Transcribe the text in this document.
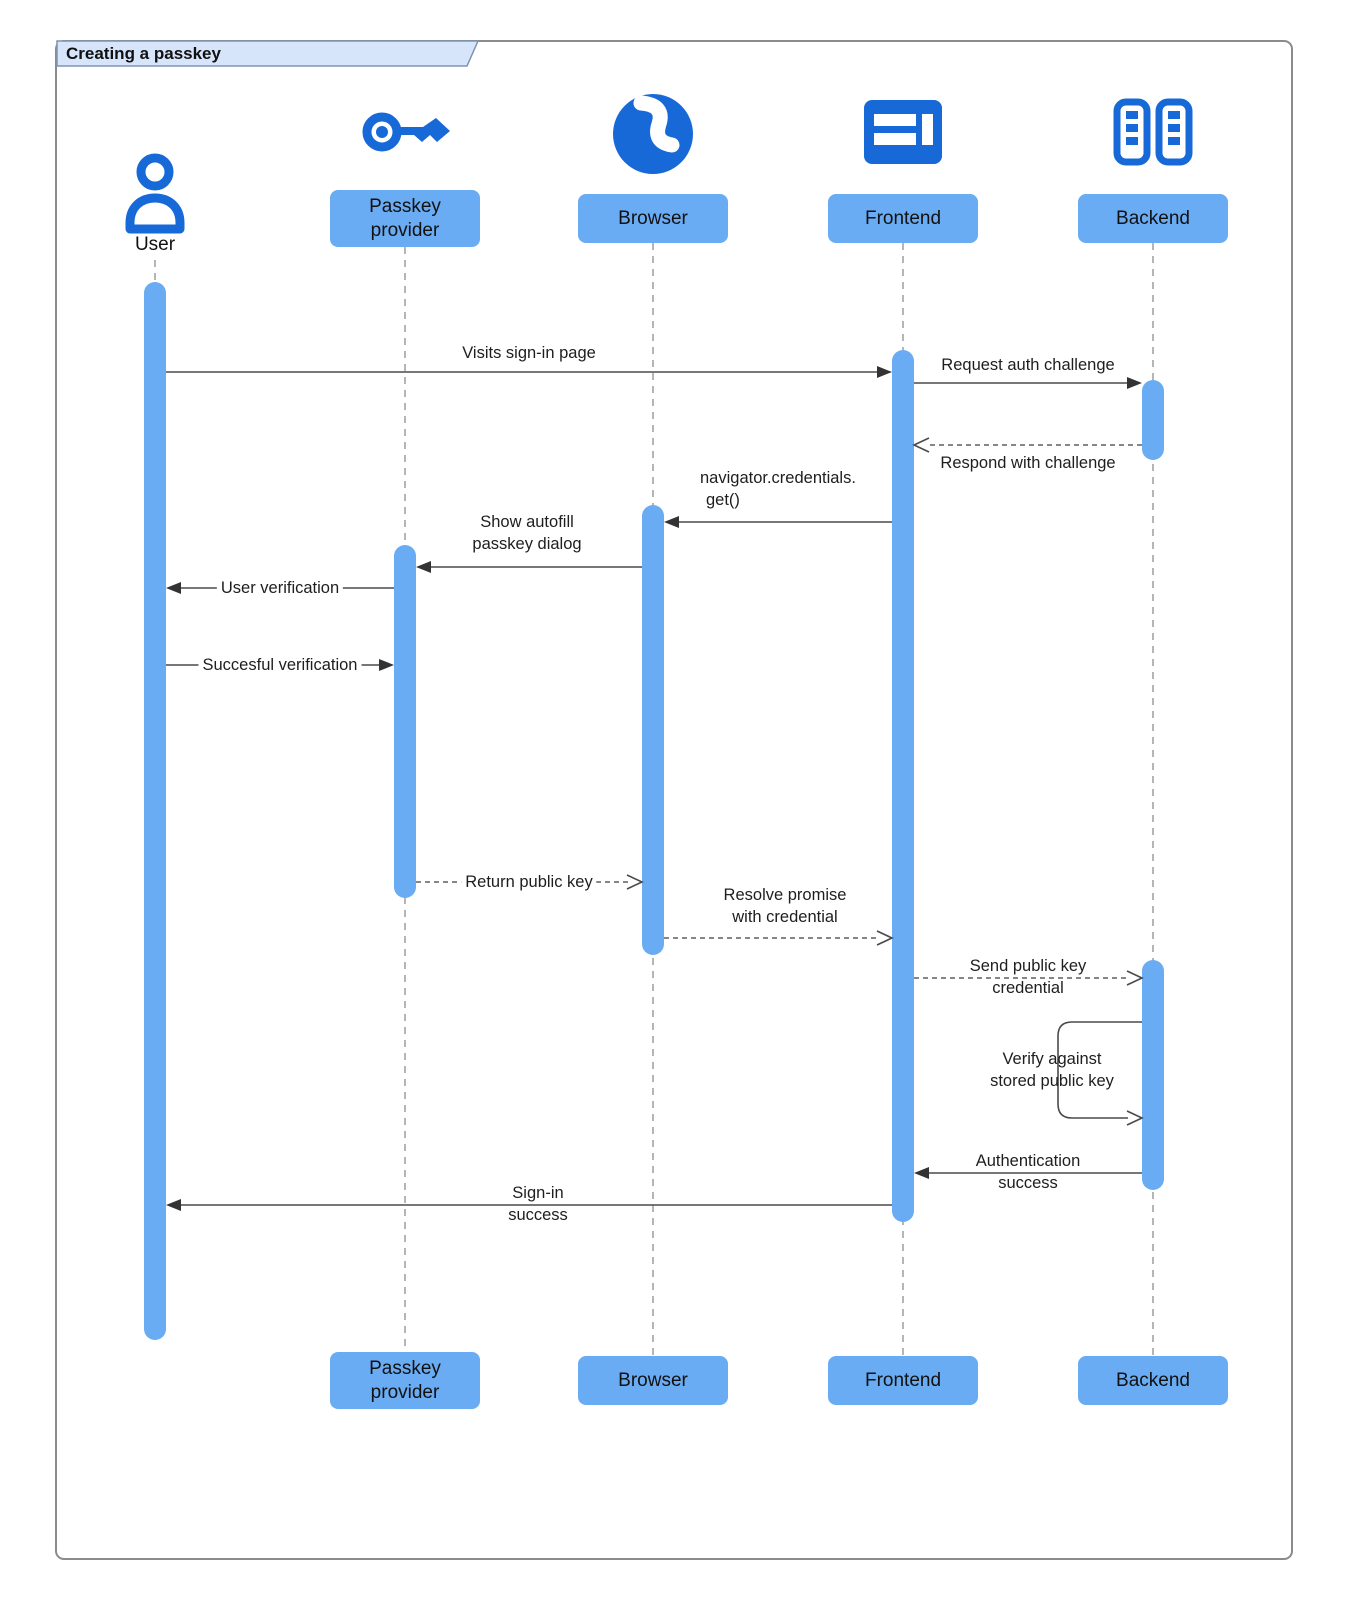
Creating a passkey
User
Passkey provider
Browser	Frontend	Backend
Passkey provider
Browser	Frontend	Backend
Visits sign-in page
Request auth challenge
Respond with challenge
navigator.credentials.
get()
Show autofill
passkey dialog
User verification
Succesful verification
Return public key
Resolve promise
with credential
Send public key
credential
Verify against
stored public key
Authentication
success
Sign-in
success
